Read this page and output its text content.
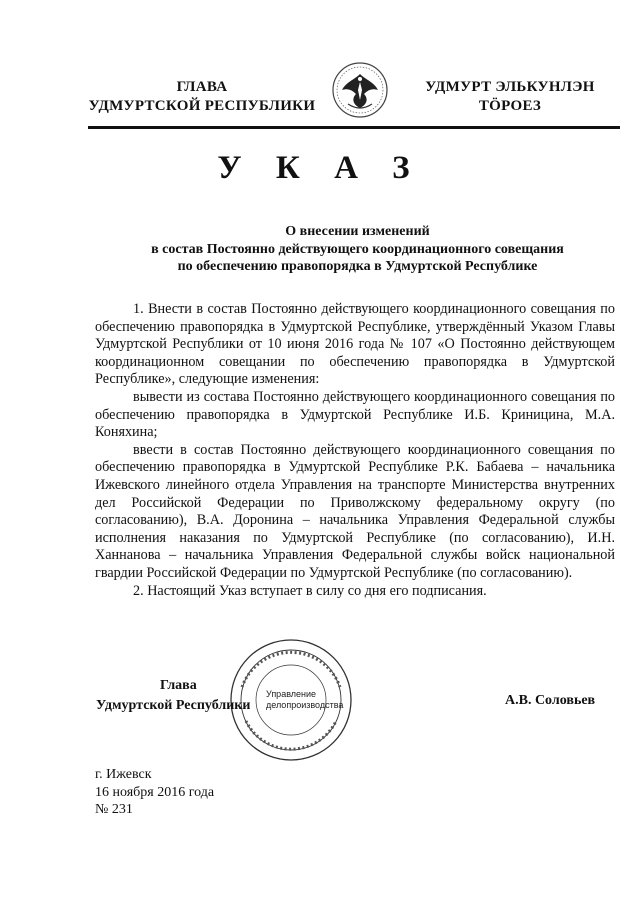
ГЛАВА
УДМУРТСКОЙ РЕСПУБЛИКИ
УДМУРТ ЭЛЬКУНЛЭН
ТӦРОЕЗ
У К А З
О внесении изменений
в состав Постоянно действующего координационного совещания
по обеспечению правопорядка в Удмуртской Республике

1. Внести в состав Постоянно действующего координационного совещания по обеспечению правопорядка в Удмуртской Республике, утверждённый Указом Главы Удмуртской Республики от 10 июня 2016 года № 107 «О Постоянно действующем координационном совещании по обеспечению правопорядка в Удмуртской Республике», следующие изменения:

вывести из состава Постоянно действующего координационного совещания по обеспечению правопорядка в Удмуртской Республике И.Б. Криницина, М.А. Коняхина;

ввести в состав Постоянно действующего координационного совещания по обеспечению правопорядка в Удмуртской Республике Р.К. Бабаева – начальника Ижевского линейного отдела Управления на транспорте Министерства внутренних дел Российской Федерации по Приволжскому федеральному округу (по согласованию), В.А. Доронина – начальника Управления Федеральной службы исполнения наказания по Удмуртской Республике (по согласованию), И.Н. Ханнанова – начальника Управления Федеральной службы войск национальной гвардии Российской Федерации по Удмуртской Республике (по согласованию).

2. Настоящий Указ вступает в силу со дня его подписания.

Управление
делопроизводства
Глава
Удмуртской Республики	А.В. Соловьев
г. Ижевск
16 ноября 2016 года
№ 231
